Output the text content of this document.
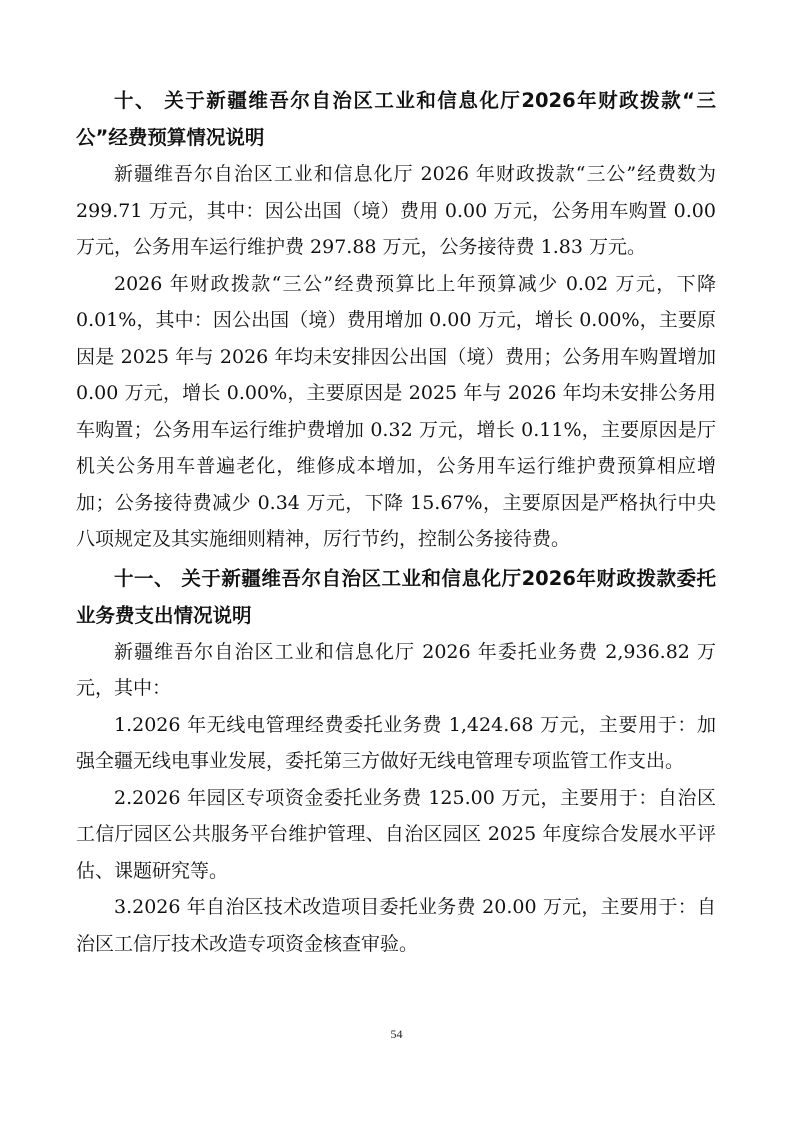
十、 关于新疆维吾尔自治区工业和信息化厅2026年财政拨款“三公”经费预算情况说明

新疆维吾尔自治区工业和信息化厅 2026 年财政拨款“三公”经费数为 299.71 万元，其中：因公出国（境）费用 0.00 万元，公务用车购置 0.00 万元，公务用车运行维护费 297.88 万元，公务接待费 1.83 万元。

2026 年财政拨款“三公”经费预算比上年预算减少 0.02 万元，下降 0.01%，其中：因公出国（境）费用增加 0.00 万元，增长 0.00%，主要原因是 2025 年与 2026 年均未安排因公出国（境）费用；公务用车购置增加 0.00 万元，增长 0.00%，主要原因是 2025 年与 2026 年均未安排公务用车购置；公务用车运行维护费增加 0.32 万元，增长 0.11%，主要原因是厅机关公务用车普遍老化，维修成本增加，公务用车运行维护费预算相应增加；公务接待费减少 0.34 万元，下降 15.67%，主要原因是严格执行中央八项规定及其实施细则精神，厉行节约，控制公务接待费。

十一、 关于新疆维吾尔自治区工业和信息化厅2026年财政拨款委托业务费支出情况说明

新疆维吾尔自治区工业和信息化厅 2026 年委托业务费 2,936.82 万元，其中：

1.2026 年无线电管理经费委托业务费 1,424.68 万元，主要用于：加强全疆无线电事业发展，委托第三方做好无线电管理专项监管工作支出。

2.2026 年园区专项资金委托业务费 125.00 万元，主要用于：自治区工信厅园区公共服务平台维护管理、自治区园区 2025 年度综合发展水平评估、课题研究等。

3.2026 年自治区技术改造项目委托业务费 20.00 万元，主要用于：自治区工信厅技术改造专项资金核查审验。

54
